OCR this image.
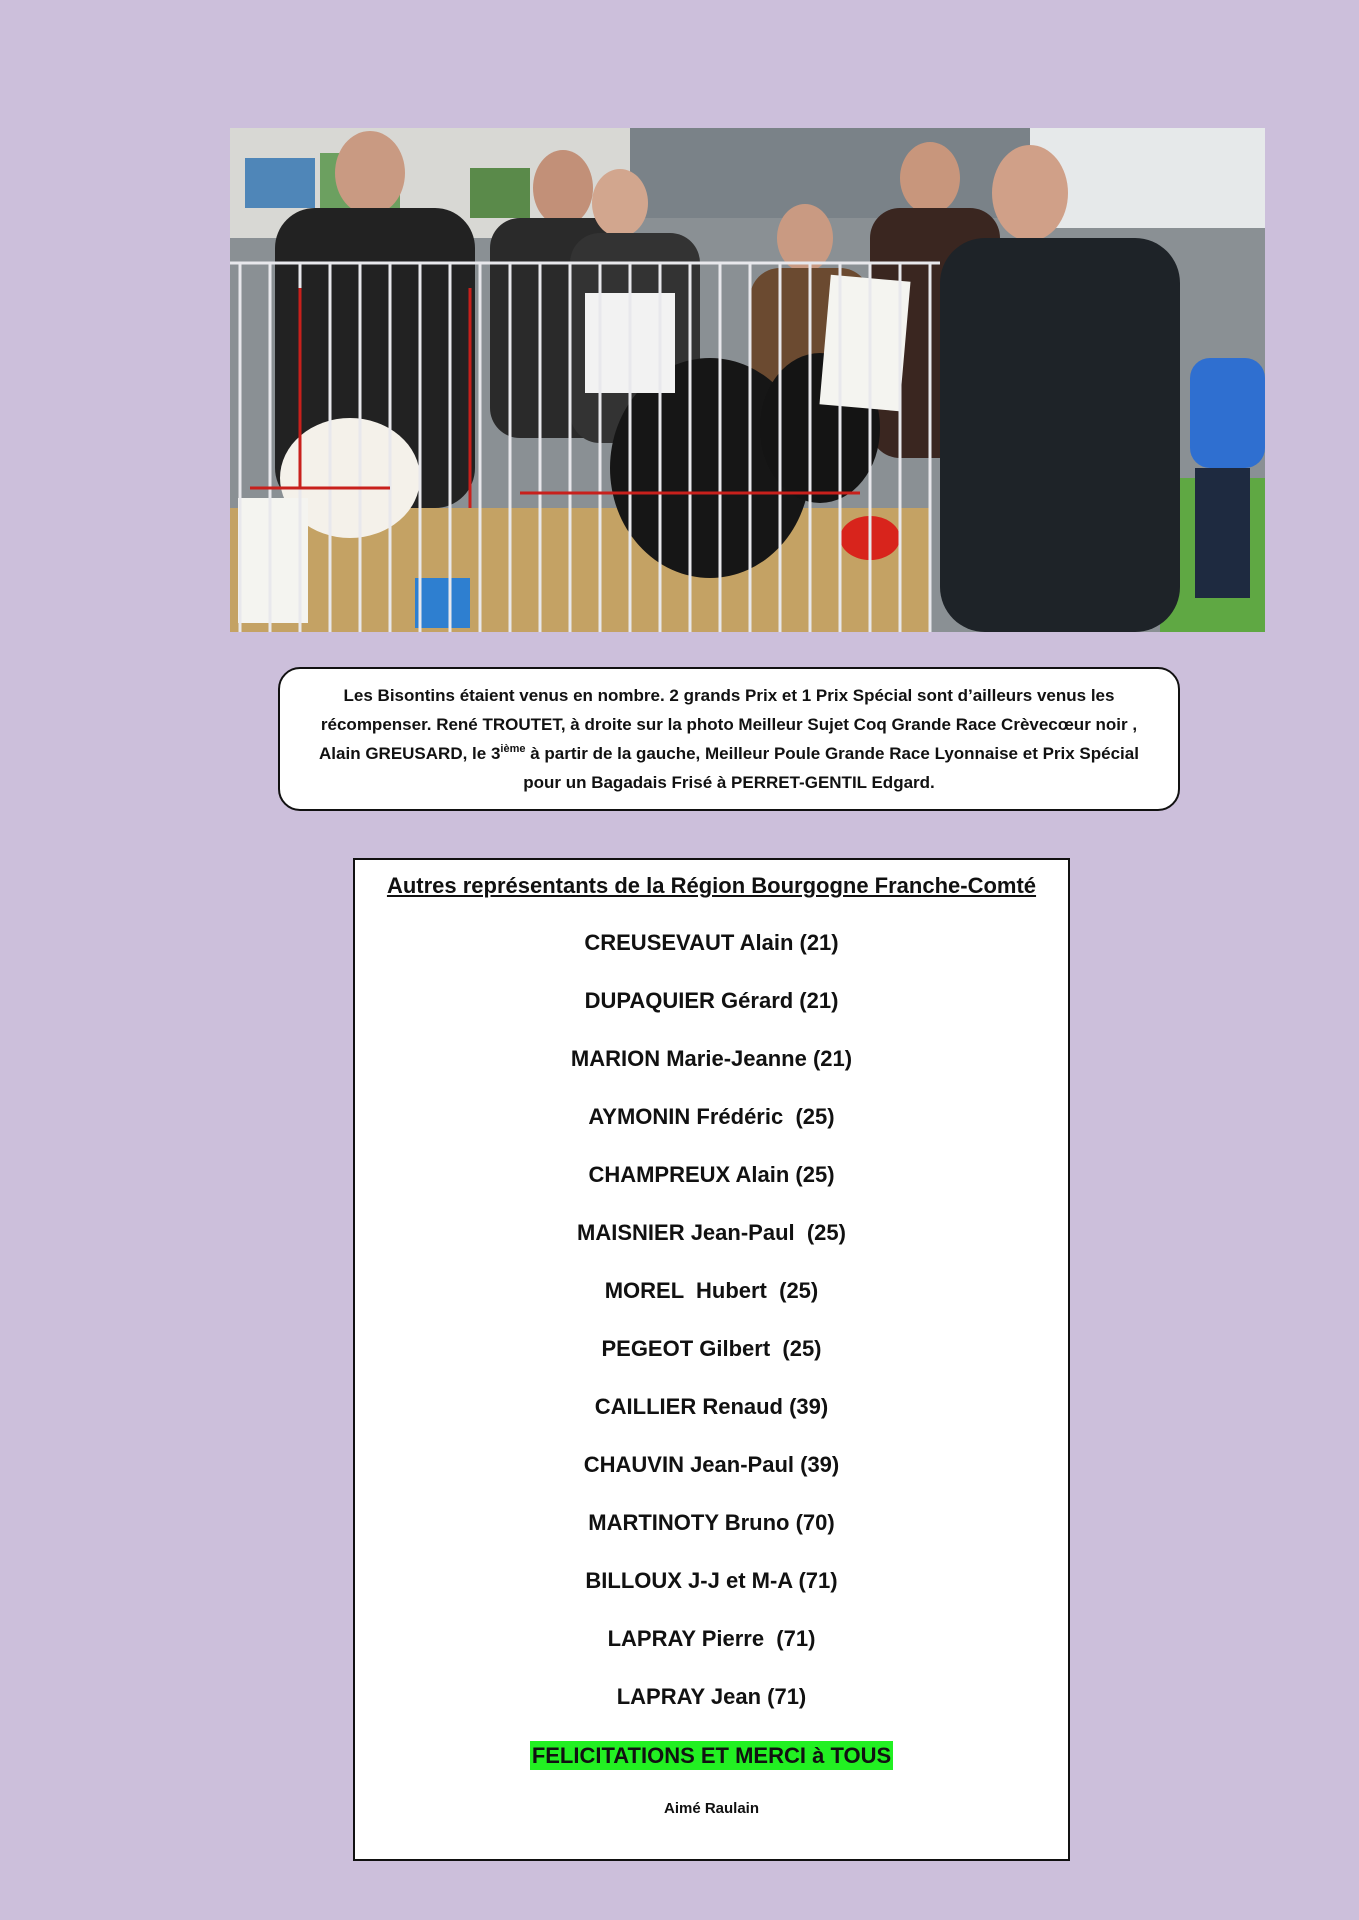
Les Bisontins étaient venus en nombre. 2 grands Prix et 1 Prix Spécial sont d’ailleurs venus les récompenser. René TROUTET, à droite sur la photo Meilleur Sujet Coq Grande Race Crèvecœur noir , Alain GREUSARD, le 3ième à partir de la gauche, Meilleur Poule Grande Race Lyonnaise et Prix Spécial pour un Bagadais Frisé à PERRET-GENTIL Edgard.

Autres représentants de la Région Bourgogne Franche-Comté
CREUSEVAUT Alain (21)
DUPAQUIER Gérard (21)
MARION Marie-Jeanne (21)
AYMONIN Frédéric  (25)
CHAMPREUX Alain (25)
MAISNIER Jean-Paul  (25)
MOREL  Hubert  (25)
PEGEOT Gilbert  (25)
CAILLIER Renaud (39)
CHAUVIN Jean-Paul (39)
MARTINOTY Bruno (70)
BILLOUX J-J et M-A (71)
LAPRAY Pierre  (71)
LAPRAY Jean (71)
FELICITATIONS ET MERCI à TOUS
Aimé Raulain
